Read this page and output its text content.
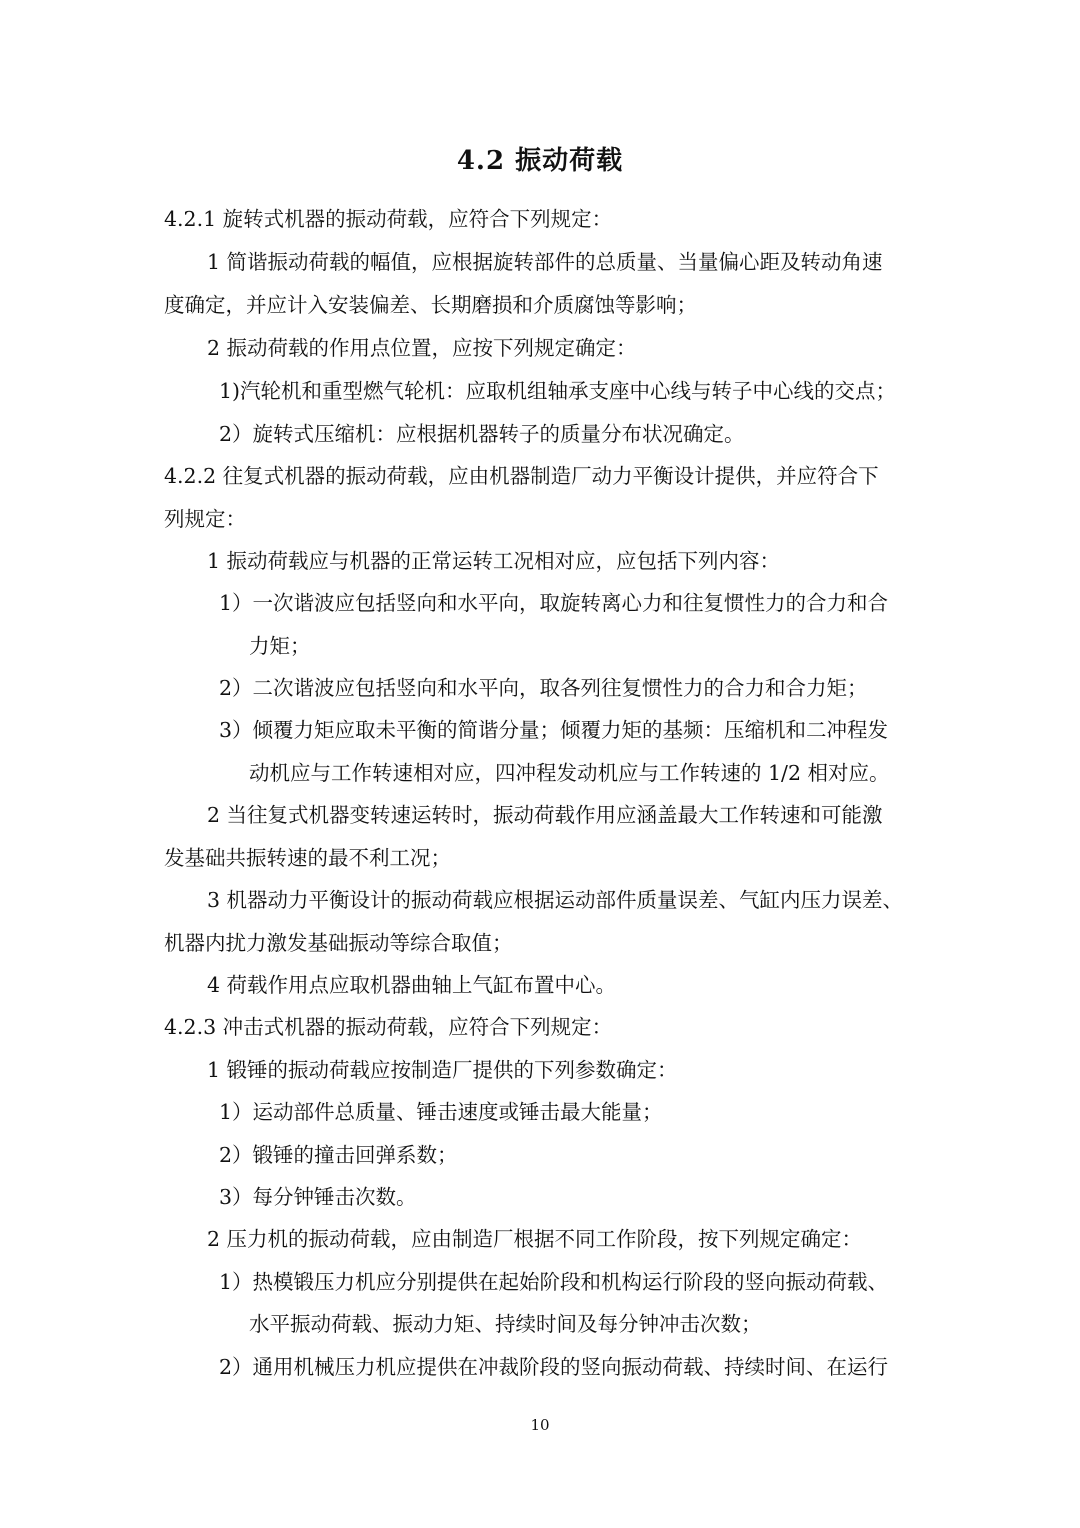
4.2 振动荷载
4.2.1 旋转式机器的振动荷载，应符合下列规定：
1 简谐振动荷载的幅值，应根据旋转部件的总质量、当量偏心距及转动角速
度确定，并应计入安装偏差、长期磨损和介质腐蚀等影响；
2 振动荷载的作用点位置，应按下列规定确定：
1)汽轮机和重型燃气轮机：应取机组轴承支座中心线与转子中心线的交点；
2）旋转式压缩机：应根据机器转子的质量分布状况确定。
4.2.2 往复式机器的振动荷载，应由机器制造厂动力平衡设计提供，并应符合下
列规定：
1 振动荷载应与机器的正常运转工况相对应，应包括下列内容：
1）一次谐波应包括竖向和水平向，取旋转离心力和往复惯性力的合力和合
力矩；
2）二次谐波应包括竖向和水平向，取各列往复惯性力的合力和合力矩；
3）倾覆力矩应取未平衡的简谐分量；倾覆力矩的基频：压缩机和二冲程发
动机应与工作转速相对应，四冲程发动机应与工作转速的 1/2 相对应。
2 当往复式机器变转速运转时，振动荷载作用应涵盖最大工作转速和可能激
发基础共振转速的最不利工况；
3 机器动力平衡设计的振动荷载应根据运动部件质量误差、气缸内压力误差、
机器内扰力激发基础振动等综合取值；
4 荷载作用点应取机器曲轴上气缸布置中心。
4.2.3 冲击式机器的振动荷载，应符合下列规定：
1 锻锤的振动荷载应按制造厂提供的下列参数确定：
1）运动部件总质量、锤击速度或锤击最大能量；
2）锻锤的撞击回弹系数；
3）每分钟锤击次数。
2 压力机的振动荷载，应由制造厂根据不同工作阶段，按下列规定确定：
1）热模锻压力机应分别提供在起始阶段和机构运行阶段的竖向振动荷载、
水平振动荷载、振动力矩、持续时间及每分钟冲击次数；
2）通用机械压力机应提供在冲裁阶段的竖向振动荷载、持续时间、在运行
10
